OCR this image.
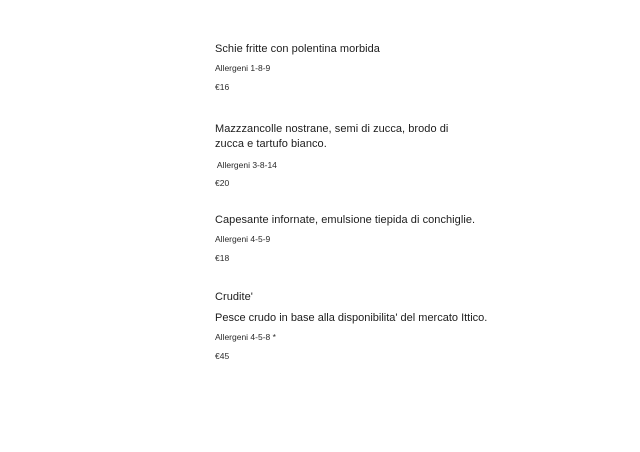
Schie fritte con polentina morbida

Allergeni 1-8-9

€16

Mazzzancolle nostrane, semi di zucca, brodo di zucca e tartufo bianco.

Allergeni 3-8-14

€20

Capesante infornate, emulsione tiepida di conchiglie.

Allergeni 4-5-9

€18

Crudite'

Pesce crudo in base alla disponibilita' del mercato Ittico.

Allergeni 4-5-8 *

€45
